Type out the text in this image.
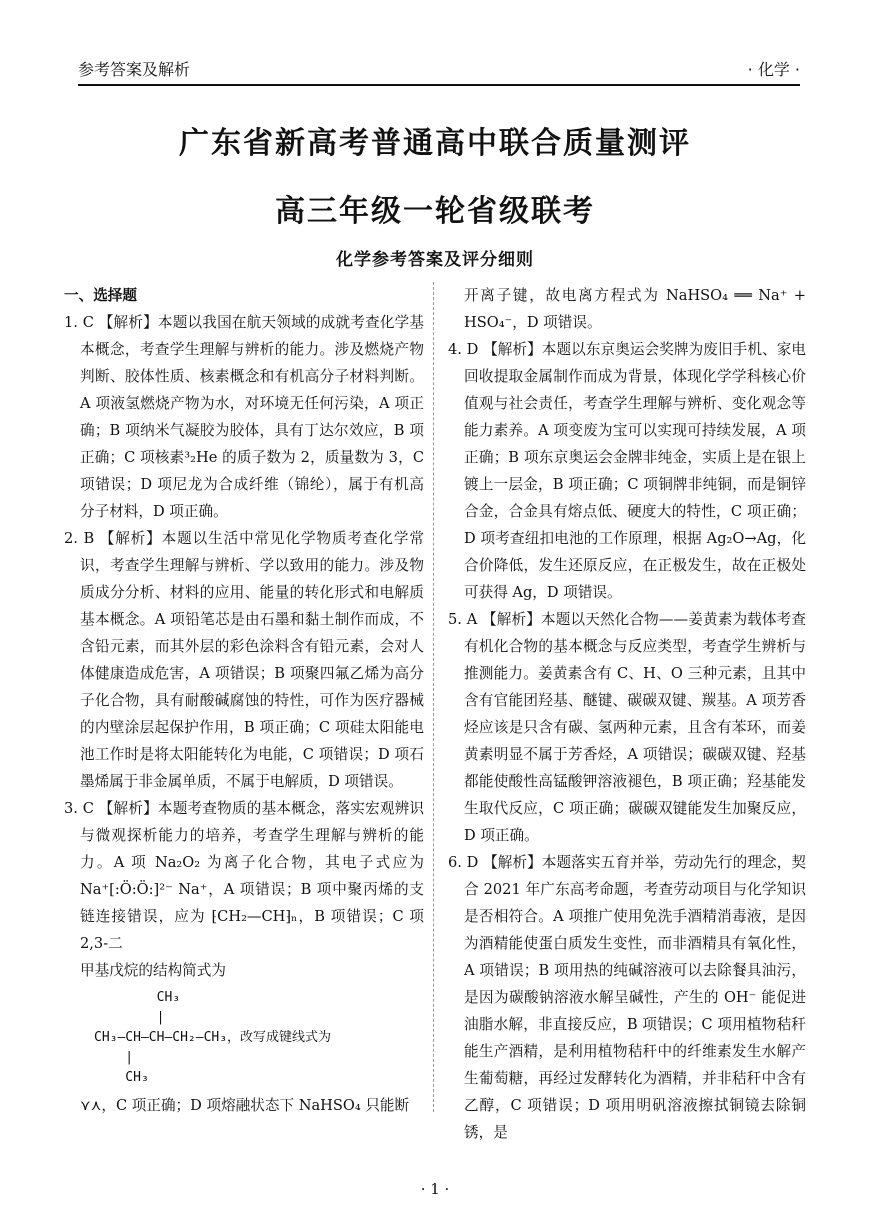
参考答案及解析	· 化学 ·
广东省新高考普通高中联合质量测评
高三年级一轮省级联考
化学参考答案及评分细则
一、选择题

1. C 【解析】本题以我国在航天领域的成就考查化学基本概念，考查学生理解与辨析的能力。涉及燃烧产物判断、胶体性质、核素概念和有机高分子材料判断。A 项液氢燃烧产物为水，对环境无任何污染，A 项正确；B 项纳米气凝胶为胶体，具有丁达尔效应，B 项正确；C 项核素³₂He 的质子数为 2，质量数为 3，C 项错误；D 项尼龙为合成纤维（锦纶），属于有机高分子材料，D 项正确。

2. B 【解析】本题以生活中常见化学物质考查化学常识，考查学生理解与辨析、学以致用的能力。涉及物质成分分析、材料的应用、能量的转化形式和电解质基本概念。A 项铅笔芯是由石墨和黏土制作而成，不含铅元素，而其外层的彩色涂料含有铅元素，会对人体健康造成危害，A 项错误；B 项聚四氟乙烯为高分子化合物，具有耐酸碱腐蚀的特性，可作为医疗器械的内壁涂层起保护作用，B 项正确；C 项硅太阳能电池工作时是将太阳能转化为电能，C 项错误；D 项石墨烯属于非金属单质，不属于电解质，D 项错误。

3. C 【解析】本题考查物质的基本概念，落实宏观辨识与微观探析能力的培养，考查学生理解与辨析的能力。A 项 Na₂O₂ 为离子化合物，其电子式应为 Na⁺[:Ö:Ö:]²⁻ Na⁺，A 项错误；B 项中聚丙烯的支链连接错误，应为 ⁅CH₂—CH⁆ₙ，B 项错误；C 项 2,3-二

甲基戊烷的结构简式为

CH₃
|
CH₃—CH—CH—CH₂—CH₃，改写成键线式为
|
CH₃

⋎⋏，C 项正确；D 项熔融状态下 NaHSO₄ 只能断

开离子键，故电离方程式为 NaHSO₄ ══ Na⁺ + HSO₄⁻，D 项错误。

4. D 【解析】本题以东京奥运会奖牌为废旧手机、家电回收提取金属制作而成为背景，体现化学学科核心价值观与社会责任，考查学生理解与辨析、变化观念等能力素养。A 项变废为宝可以实现可持续发展，A 项正确；B 项东京奥运会金牌非纯金，实质上是在银上镀上一层金，B 项正确；C 项铜牌非纯铜，而是铜锌合金，合金具有熔点低、硬度大的特性，C 项正确；D 项考查纽扣电池的工作原理，根据 Ag₂O→Ag，化合价降低，发生还原反应，在正极发生，故在正极处可获得 Ag，D 项错误。

5. A 【解析】本题以天然化合物——姜黄素为载体考查有机化合物的基本概念与反应类型，考查学生辨析与推测能力。姜黄素含有 C、H、O 三种元素，且其中含有官能团羟基、醚键、碳碳双键、羰基。A 项芳香烃应该是只含有碳、氢两种元素，且含有苯环，而姜黄素明显不属于芳香烃，A 项错误；碳碳双键、羟基都能使酸性高锰酸钾溶液褪色，B 项正确；羟基能发生取代反应，C 项正确；碳碳双键能发生加聚反应，D 项正确。

6. D 【解析】本题落实五育并举，劳动先行的理念，契合 2021 年广东高考命题，考查劳动项目与化学知识是否相符合。A 项推广使用免洗手酒精消毒液，是因为酒精能使蛋白质发生变性，而非酒精具有氧化性，A 项错误；B 项用热的纯碱溶液可以去除餐具油污，是因为碳酸钠溶液水解呈碱性，产生的 OH⁻ 能促进油脂水解，非直接反应，B 项错误；C 项用植物秸秆能生产酒精，是利用植物秸秆中的纤维素发生水解产生葡萄糖，再经过发酵转化为酒精，并非秸秆中含有乙醇，C 项错误；D 项用明矾溶液擦拭铜镜去除铜锈，是

· 1 ·
